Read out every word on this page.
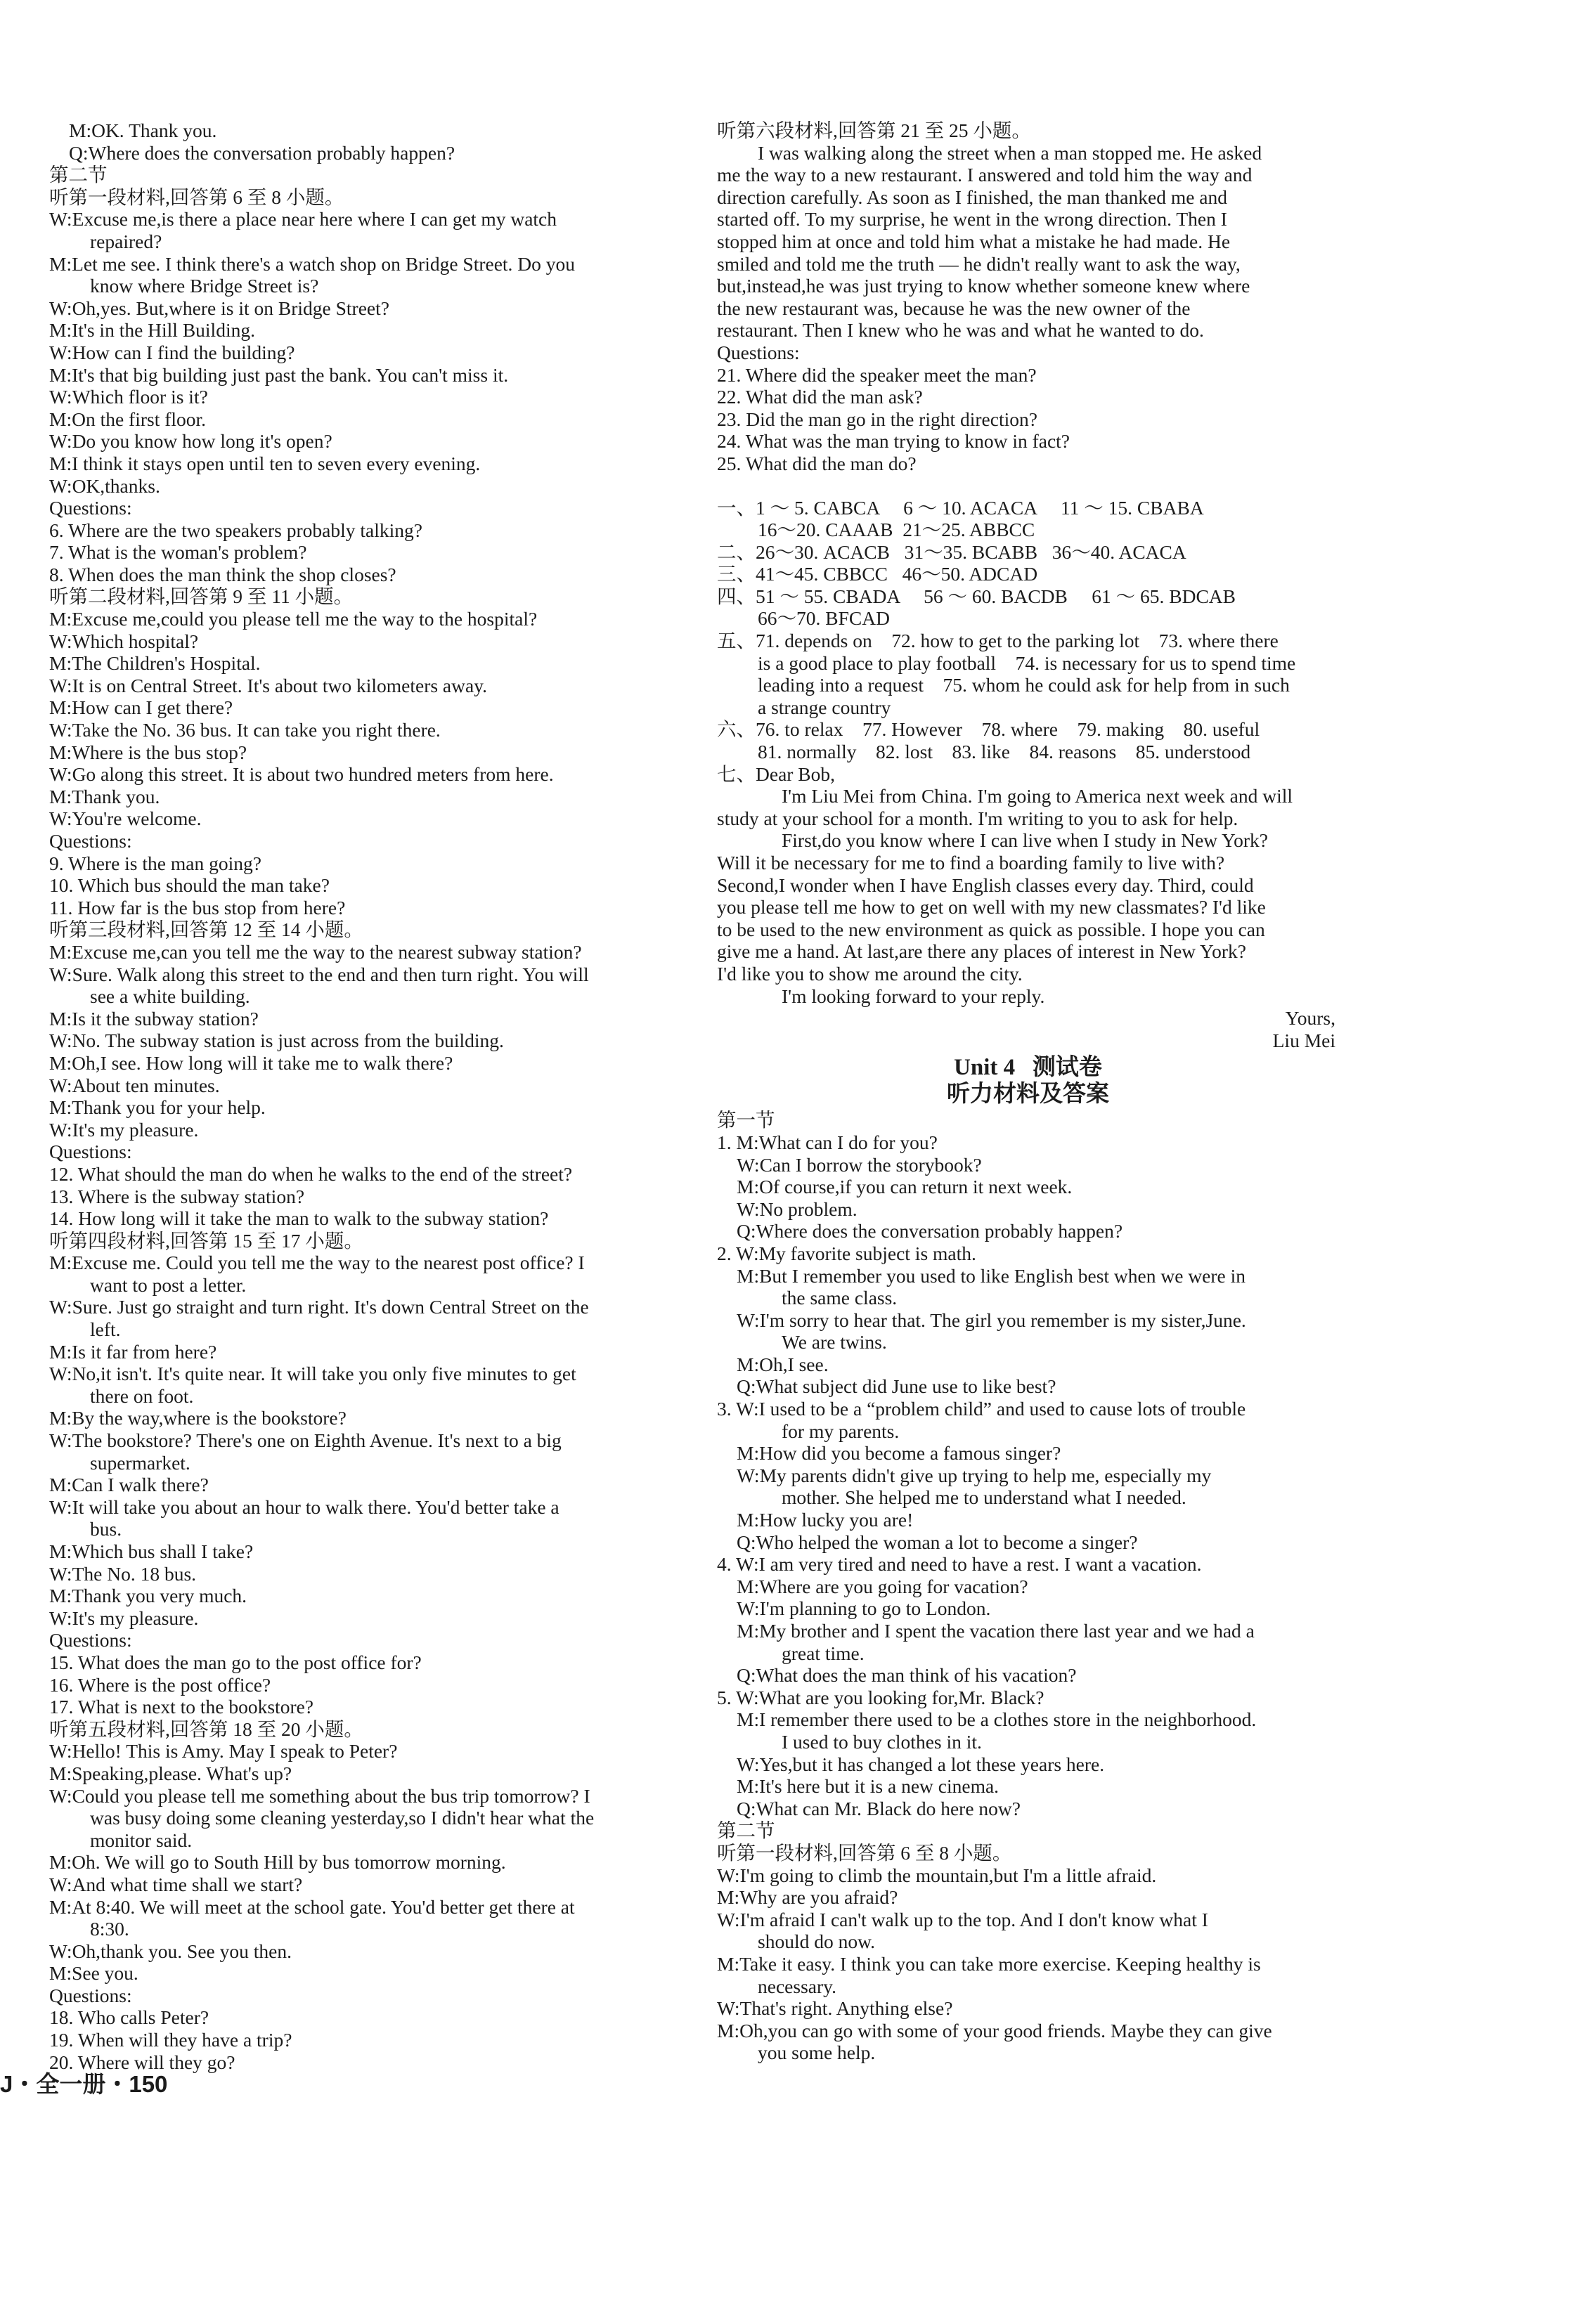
M:OK. Thank you.
Q:Where does the conversation probably happen?
第二节
听第一段材料,回答第 6 至 8 小题。
W:Excuse me,is there a place near here where I can get my watch
repaired?
M:Let me see. I think there's a watch shop on Bridge Street. Do you
know where Bridge Street is?
W:Oh,yes. But,where is it on Bridge Street?
M:It's in the Hill Building.
W:How can I find the building?
M:It's that big building just past the bank. You can't miss it.
W:Which floor is it?
M:On the first floor.
W:Do you know how long it's open?
M:I think it stays open until ten to seven every evening.
W:OK,thanks.
Questions:
6. Where are the two speakers probably talking?
7. What is the woman's problem?
8. When does the man think the shop closes?
听第二段材料,回答第 9 至 11 小题。
M:Excuse me,could you please tell me the way to the hospital?
W:Which hospital?
M:The Children's Hospital.
W:It is on Central Street. It's about two kilometers away.
M:How can I get there?
W:Take the No. 36 bus. It can take you right there.
M:Where is the bus stop?
W:Go along this street. It is about two hundred meters from here.
M:Thank you.
W:You're welcome.
Questions:
9. Where is the man going?
10. Which bus should the man take?
11. How far is the bus stop from here?
听第三段材料,回答第 12 至 14 小题。
M:Excuse me,can you tell me the way to the nearest subway station?
W:Sure. Walk along this street to the end and then turn right. You will
see a white building.
M:Is it the subway station?
W:No. The subway station is just across from the building.
M:Oh,I see. How long will it take me to walk there?
W:About ten minutes.
M:Thank you for your help.
W:It's my pleasure.
Questions:
12. What should the man do when he walks to the end of the street?
13. Where is the subway station?
14. How long will it take the man to walk to the subway station?
听第四段材料,回答第 15 至 17 小题。
M:Excuse me. Could you tell me the way to the nearest post office? I
want to post a letter.
W:Sure. Just go straight and turn right. It's down Central Street on the
left.
M:Is it far from here?
W:No,it isn't. It's quite near. It will take you only five minutes to get
there on foot.
M:By the way,where is the bookstore?
W:The bookstore? There's one on Eighth Avenue. It's next to a big
supermarket.
M:Can I walk there?
W:It will take you about an hour to walk there. You'd better take a
bus.
M:Which bus shall I take?
W:The No. 18 bus.
M:Thank you very much.
W:It's my pleasure.
Questions:
15. What does the man go to the post office for?
16. Where is the post office?
17. What is next to the bookstore?
听第五段材料,回答第 18 至 20 小题。
W:Hello! This is Amy. May I speak to Peter?
M:Speaking,please. What's up?
W:Could you please tell me something about the bus trip tomorrow? I
was busy doing some cleaning yesterday,so I didn't hear what the
monitor said.
M:Oh. We will go to South Hill by bus tomorrow morning.
W:And what time shall we start?
M:At 8:40. We will meet at the school gate. You'd better get there at
8:30.
W:Oh,thank you. See you then.
M:See you.
Questions:
18. Who calls Peter?
19. When will they have a trip?
20. Where will they go?
听第六段材料,回答第 21 至 25 小题。
I was walking along the street when a man stopped me. He asked
me the way to a new restaurant. I answered and told him the way and
direction carefully. As soon as I finished, the man thanked me and
started off. To my surprise, he went in the wrong direction. Then I
stopped him at once and told him what a mistake he had made. He
smiled and told me the truth — he didn't really want to ask the way,
but,instead,he was just trying to know whether someone knew where
the new restaurant was, because he was the new owner of the
restaurant. Then I knew who he was and what he wanted to do.
Questions:
21. Where did the speaker meet the man?
22. What did the man ask?
23. Did the man go in the right direction?
24. What was the man trying to know in fact?
25. What did the man do?
一、1 ～ 5. CABCA     6 ～ 10. ACACA     11 ～ 15. CBABA
16～20. CAAAB  21～25. ABBCC
二、26～30. ACACB   31～35. BCABB   36～40. ACACA
三、41～45. CBBCC   46～50. ADCAD
四、51 ～ 55. CBADA     56 ～ 60. BACDB     61 ～ 65. BDCAB
66～70. BFCAD
五、71. depends on    72. how to get to the parking lot    73. where there
is a good place to play football    74. is necessary for us to spend time
leading into a request    75. whom he could ask for help from in such
a strange country
六、76. to relax    77. However    78. where    79. making    80. useful
81. normally    82. lost    83. like    84. reasons    85. understood
七、Dear Bob,
I'm Liu Mei from China. I'm going to America next week and will
study at your school for a month. I'm writing to you to ask for help.
First,do you know where I can live when I study in New York?
Will it be necessary for me to find a boarding family to live with?
Second,I wonder when I have English classes every day. Third, could
you please tell me how to get on well with my new classmates? I'd like
to be used to the new environment as quick as possible. I hope you can
give me a hand. At last,are there any places of interest in New York?
I'd like you to show me around the city.
I'm looking forward to your reply.
Yours,
Liu Mei
Unit 4   测试卷
听力材料及答案
第一节
1. M:What can I do for you?
W:Can I borrow the storybook?
M:Of course,if you can return it next week.
W:No problem.
Q:Where does the conversation probably happen?
2. W:My favorite subject is math.
M:But I remember you used to like English best when we were in
the same class.
W:I'm sorry to hear that. The girl you remember is my sister,June.
We are twins.
M:Oh,I see.
Q:What subject did June use to like best?
3. W:I used to be a “problem child” and used to cause lots of trouble
for my parents.
M:How did you become a famous singer?
W:My parents didn't give up trying to help me, especially my
mother. She helped me to understand what I needed.
M:How lucky you are!
Q:Who helped the woman a lot to become a singer?
4. W:I am very tired and need to have a rest. I want a vacation.
M:Where are you going for vacation?
W:I'm planning to go to London.
M:My brother and I spent the vacation there last year and we had a
great time.
Q:What does the man think of his vacation?
5. W:What are you looking for,Mr. Black?
M:I remember there used to be a clothes store in the neighborhood.
I used to buy clothes in it.
W:Yes,but it has changed a lot these years here.
M:It's here but it is a new cinema.
Q:What can Mr. Black do here now?
第二节
听第一段材料,回答第 6 至 8 小题。
W:I'm going to climb the mountain,but I'm a little afraid.
M:Why are you afraid?
W:I'm afraid I can't walk up to the top. And I don't know what I
should do now.
M:Take it easy. I think you can take more exercise. Keeping healthy is
necessary.
W:That's right. Anything else?
M:Oh,you can go with some of your good friends. Maybe they can give
you some help.
J・全一册・150
